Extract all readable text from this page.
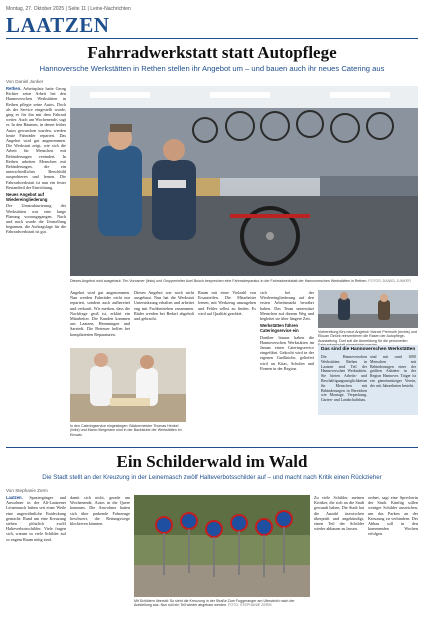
Montag, 27. Oktober 2025 | Seite 11 | Leine-Nachrichten
LAATZEN
Fahrradwerkstatt statt Autopflege
Hannoversche Werkstätten in Rethen stellen ihr Angebot um – und bauen auch ihr neues Catering aus
Von Daniel Junker
Rethen. Arbeitsplatz hatte Georg Richter seine Arbeit bei den Hannoverschen Werkstätten in Rethen pflegte seine Autos. Doch als der Service eingestellt wurde, ging es für ihn mit dem Fahrrad weiter. Auch am Wochenende, sagt er. In den Räumen, in denen früher Autos gewaschen wurden, werden heute Fahrräder repariert. Das Angebot wird gut angenommen. Die Werkstatt zeigt, wie sich die Arbeit für Menschen mit Behinderungen verändert. In Rethen arbeiten Menschen mit Behinderungen, die ein unterschiedliches Berufsbild ausprobieren und lernen. Die Fahrradwerkstatt ist nun ein fester Bestandteil der Einrichtung.
Neues Angebot auf Wiedereingliederung
Der Umstrukturierung der Werkstätten war eine lange Planung vorausgegangen. Nach und nach wurde die Umstellung begonnen, die Auftragslage für die Fahrradwerkstatt ist gut.
Dieses Angebot wird ausgebaut: Tim Vorcamer (links) und Gruppenleiter Axel Busch besprechen eine Fahrradreparatur in der Fahrradwerkstatt der Hannoverschen Werkstätten in Rethen. FOTOS: DANIEL JUNKER
Angebot wird gut angenommen. Nun werden Fahrräder nicht nur repariert, sondern auch aufbereitet und verkauft. Wir merken, dass die Nachfrage groß ist, erklärt ein Mitarbeiter. Die Kunden kommen aus Laatzen, Hemmingen und Sarstedt. Die Betreuer helfen bei komplizierten Reparaturen.
Diesen Angebot war noch nicht ausgebaut. Nun hat die Werkstatt Unterstützung erhalten und arbeitet eng mit Fachbetrieben zusammen. Räder werden bei Bedarf abgeholt und gebracht.
Raum mit einer Vielzahl von Ersatzteilen. Die Mitarbeiter lernen, mit Werkzeug umzugehen und Fehler selbst zu finden. Es wird auf Qualität geachtet.
sich bei der Wiedereingliederung auf den ersten Arbeitsmarkt bewährt haben. Das Team unterstützt Menschen auf diesem Weg und begleitet sie über längere Zeit.
Werkstätten führen Cateringservice ein
Darüber hinaus haben die Hannoverschen Werkstätten im Januar einen Cateringservice eingeführt. Gekocht wird in der eigenen Großküche, geliefert wird an Kitas, Schulen und Firmen in der Region.
Vorbereitung fürs neue Angebot: Marcel Preimuth (rechts) und Elkuan Öztürk reinventieren die Rasen der Autopflege-Ausstattung. Dort soll die Anmeldung für die personellen
Das sind die Hannoverschen Werkstätten
Die Hannoverschen Werkstätten Rethen in Laatzen sind Teil der Hannoverschen Werkstätten. Sie bieten Arbeits- und Beschäftigungsmöglichkeiten für Menschen mit Behinderungen in Bereichen wie Montage, Verpackung, Garten- und Landschaftsbau.
sind mit rund 1000 Menschen mit Behinderungen einer der größten Anbieter in der Region Hannover. Träger ist ein gemeinnütziger Verein, der seit Jahrzehnten besteht.
In den Cateringservice eingestiegen: Bäckermeister Thomas Henkel (links) und Marco Bergmann sind in der Backstube der Werkstätten im Einsatz.
Ein Schilderwald im Wald
Die Stadt stellt an der Kreuzung in der Leinemasch zwölf Halteverbotsschilder auf – und macht nach Kritik einen Rückzieher
Von Stephanie Zerm
Laatzen. Spaziergänger und Anwohner in der Alt-Laatzener Leinemasch haben seit einer Weile eine ungewöhnliche Entdeckung gemacht: Rund um eine Kreuzung stehen plötzlich zwölf Halteverbotsschilder. Viele fragen sich, warum so viele Schilder auf so engem Raum nötig sind.
damit sich nicht, gerade am Wochenende, Autos in die Quere kommen. Die Anwohner hatten sich über parkende Fahrzeuge beschwert, die Rettungswege blockieren könnten.
Mit Schildern übersät: So sieht die Kreuzung in der Straße Zum Fuggeranger am Ufersteich nach der Aufstellung aus. Nun soll ein Teil wieder abgebaut werden. FOTO: STEPHANIE ZERM
Zu viele Schilder, meinen Kritiker, die sich an die Stadt gewandt haben. Die Stadt hat die Anzahl inzwischen überprüft und angekündigt, einen Teil der Schilder wieder abbauen zu lassen.
ordnet, sagt eine Sprecherin der Stadt. Künftig sollen weniger Schilder ausreichen, um das Parken an der Kreuzung zu verhindern. Der Abbau soll in den kommenden Wochen erfolgen.
